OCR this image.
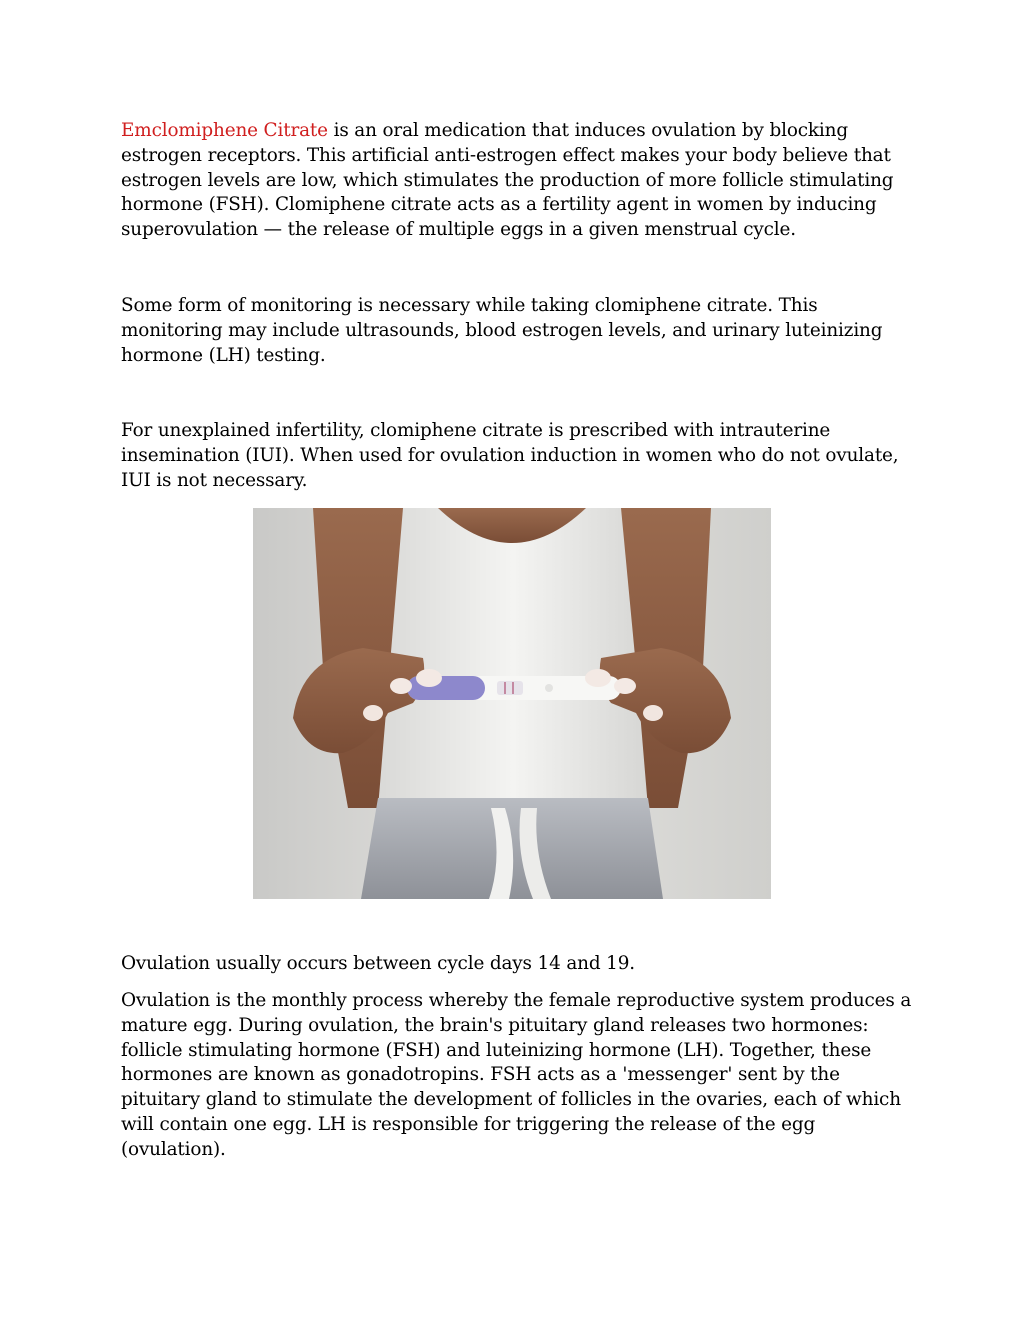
Emclomiphene Citrate is an oral medication that induces ovulation by blocking estrogen receptors. This artificial anti-estrogen effect makes your body believe that estrogen levels are low, which stimulates the production of more follicle stimulating hormone (FSH). Clomiphene citrate acts as a fertility agent in women by inducing superovulation — the release of multiple eggs in a given menstrual cycle.

Some form of monitoring is necessary while taking clomiphene citrate. This monitoring may include ultrasounds, blood estrogen levels, and urinary luteinizing hormone (LH) testing.

For unexplained infertility, clomiphene citrate is prescribed with intrauterine insemination (IUI). When used for ovulation induction in women who do not ovulate, IUI is not necessary.

Ovulation usually occurs between cycle days 14 and 19.

Ovulation is the monthly process whereby the female reproductive system produces a mature egg. During ovulation, the brain's pituitary gland releases two hormones: follicle stimulating hormone (FSH) and luteinizing hormone (LH). Together, these hormones are known as gonadotropins. FSH acts as a 'messenger' sent by the pituitary gland to stimulate the development of follicles in the ovaries, each of which will contain one egg. LH is responsible for triggering the release of the egg (ovulation).
